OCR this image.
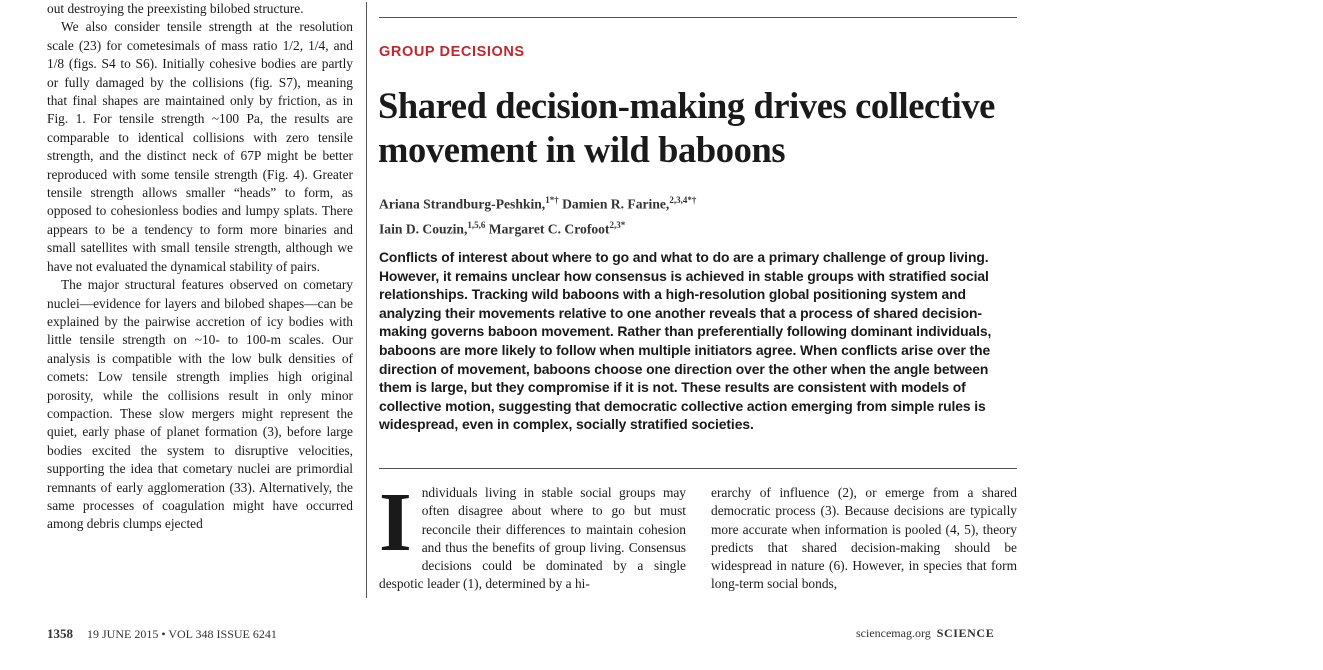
out destroying the preexisting bilobed structure.

We also consider tensile strength at the resolution scale (23) for cometesimals of mass ratio 1/2, 1/4, and 1/8 (figs. S4 to S6). Initially cohesive bodies are partly or fully damaged by the collisions (fig. S7), meaning that final shapes are maintained only by friction, as in Fig. 1. For tensile strength ~100 Pa, the results are comparable to identical collisions with zero tensile strength, and the distinct neck of 67P might be better reproduced with some tensile strength (Fig. 4). Greater tensile strength allows smaller “heads” to form, as opposed to cohesionless bodies and lumpy splats. There appears to be a tendency to form more binaries and small satellites with small tensile strength, although we have not evaluated the dynamical stability of pairs.

The major structural features observed on cometary nuclei—evidence for layers and bilobed shapes—can be explained by the pairwise accretion of icy bodies with little tensile strength on ~10- to 100-m scales. Our analysis is compatible with the low bulk densities of comets: Low tensile strength implies high original porosity, while the collisions result in only minor compaction. These slow mergers might represent the quiet, early phase of planet formation (3), before large bodies excited the system to disruptive velocities, supporting the idea that cometary nuclei are primordial remnants of early agglomeration (33). Alternatively, the same processes of coagulation might have occurred among debris clumps ejected

GROUP DECISIONS
Shared decision-making drives collective movement in wild baboons
Ariana Strandburg-Peshkin,$^{1*\dagger}$ Damien R. Farine,$^{2,3,4*\dagger}$
Iain D. Couzin,$^{1,5,6}$ Margaret C. Crofoot$^{2,3*}$

Conflicts of interest about where to go and what to do are a primary challenge of group living. However, it remains unclear how consensus is achieved in stable groups with stratified social relationships. Tracking wild baboons with a high-resolution global positioning system and analyzing their movements relative to one another reveals that a process of shared decision-making governs baboon movement. Rather than preferentially following dominant individuals, baboons are more likely to follow when multiple initiators agree. When conflicts arise over the direction of movement, baboons choose one direction over the other when the angle between them is large, but they compromise if it is not. These results are consistent with models of collective motion, suggesting that democratic collective action emerging from simple rules is widespread, even in complex, socially stratified societies.

I ndividuals living in stable social groups may often disagree about where to go but must reconcile their differences to maintain cohesion and thus the benefits of group living. Consensus decisions could be dominated by a single despotic leader (1), determined by a hi-

erarchy of influence (2), or emerge from a shared democratic process (3). Because decisions are typically more accurate when information is pooled (4, 5), theory predicts that shared decision-making should be widespread in nature (6). However, in species that form long-term social bonds,

1358 19 JUNE 2015 • VOL 348 ISSUE 6241	sciencemag.org SCIENCE
